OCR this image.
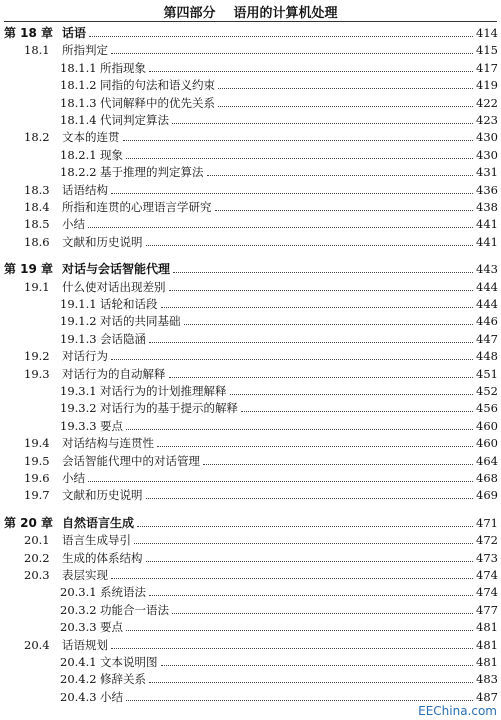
第四部分    语用的计算机处理
第 18 章 话语	414
18.1 所指判定	415
18.1.1 所指现象	417
18.1.2 同指的句法和语义约束	419
18.1.3 代词解释中的优先关系	422
18.1.4 代词判定算法	423
18.2 文本的连贯	430
18.2.1 现象	430
18.2.2 基于推理的判定算法	431
18.3 话语结构	436
18.4 所指和连贯的心理语言学研究	438
18.5 小结	441
18.6 文献和历史说明	441
第 19 章 对话与会话智能代理	443
19.1 什么使对话出现差别	444
19.1.1 话轮和话段	444
19.1.2 对话的共同基础	446
19.1.3 会话隐涵	447
19.2 对话行为	448
19.3 对话行为的自动解释	451
19.3.1 对话行为的计划推理解释	452
19.3.2 对话行为的基于提示的解释	456
19.3.3 要点	460
19.4 对话结构与连贯性	460
19.5 会话智能代理中的对话管理	464
19.6 小结	468
19.7 文献和历史说明	469
第 20 章 自然语言生成	471
20.1 语言生成导引	472
20.2 生成的体系结构	473
20.3 表层实现	474
20.3.1 系统语法	474
20.3.2 功能合一语法	477
20.3.3 要点	481
20.4 话语规划	481
20.4.1 文本说明图	481
20.4.2 修辞关系	483
20.4.3 小结	487
EEChina.com
